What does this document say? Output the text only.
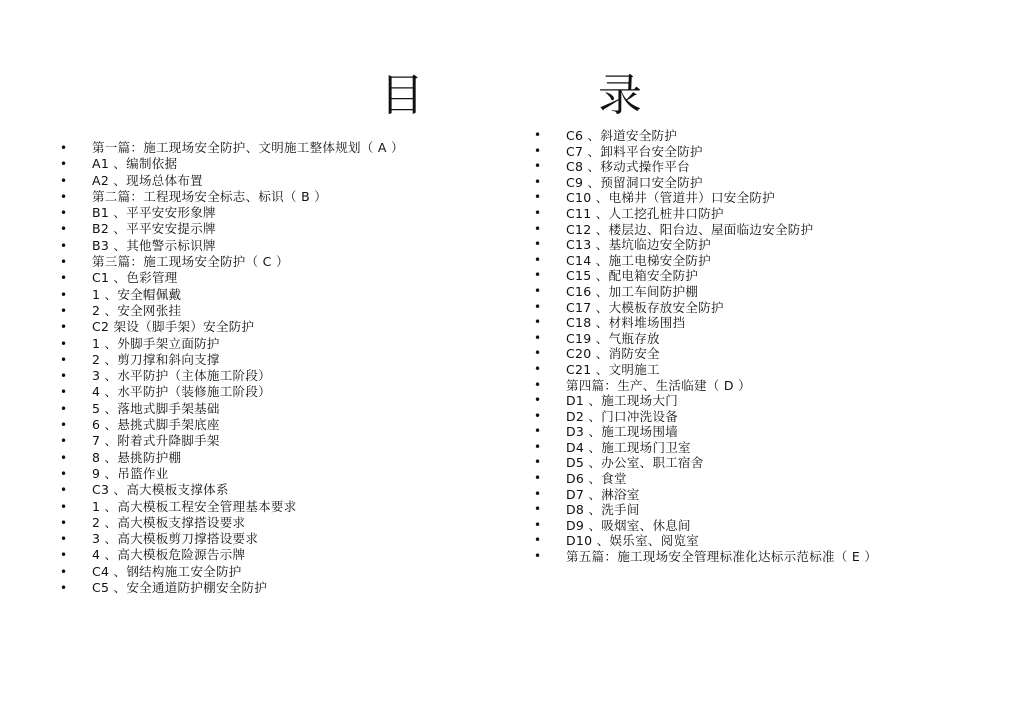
目	录
• 第一篇：施工现场安全防护、文明施工整体规划（ A ）
• A1 、编制依据
• A2 、现场总体布置
• 第二篇：工程现场安全标志、标识（ B ）
• B1 、平平安安形象牌
• B2 、平平安安提示牌
• B3 、其他警示标识牌
• 第三篇：施工现场安全防护（ C ）
• C1 、色彩管理
• 1 、安全帽佩戴
• 2 、安全网张挂
• C2 架设（脚手架）安全防护
• 1 、外脚手架立面防护
• 2 、剪刀撑和斜向支撑
• 3 、水平防护（主体施工阶段）
• 4 、水平防护（装修施工阶段）
• 5 、落地式脚手架基础
• 6 、悬挑式脚手架底座
• 7 、附着式升降脚手架
• 8 、悬挑防护棚
• 9 、吊篮作业
• C3 、高大模板支撑体系
• 1 、高大模板工程安全管理基本要求
• 2 、高大模板支撑搭设要求
• 3 、高大模板剪刀撑搭设要求
• 4 、高大模板危险源告示牌
• C4 、钢结构施工安全防护
• C5 、安全通道防护棚安全防护
• C6 、斜道安全防护
• C7 、卸料平台安全防护
• C8 、移动式操作平台
• C9 、预留洞口安全防护
• C10 、电梯井（管道井）口安全防护
• C11 、人工挖孔桩井口防护
• C12 、楼层边、阳台边、屋面临边安全防护
• C13 、基坑临边安全防护
• C14 、施工电梯安全防护
• C15 、配电箱安全防护
• C16 、加工车间防护棚
• C17 、大模板存放安全防护
• C18 、材料堆场围挡
• C19 、气瓶存放
• C20 、消防安全
• C21 、文明施工
• 第四篇：生产、生活临建（ D ）
• D1 、施工现场大门
• D2 、门口冲洗设备
• D3 、施工现场围墙
• D4 、施工现场门卫室
• D5 、办公室、职工宿舍
• D6 、食堂
• D7 、淋浴室
• D8 、洗手间
• D9 、吸烟室、休息间
• D10 、娱乐室、阅览室
• 第五篇：施工现场安全管理标准化达标示范标准（ E ）
